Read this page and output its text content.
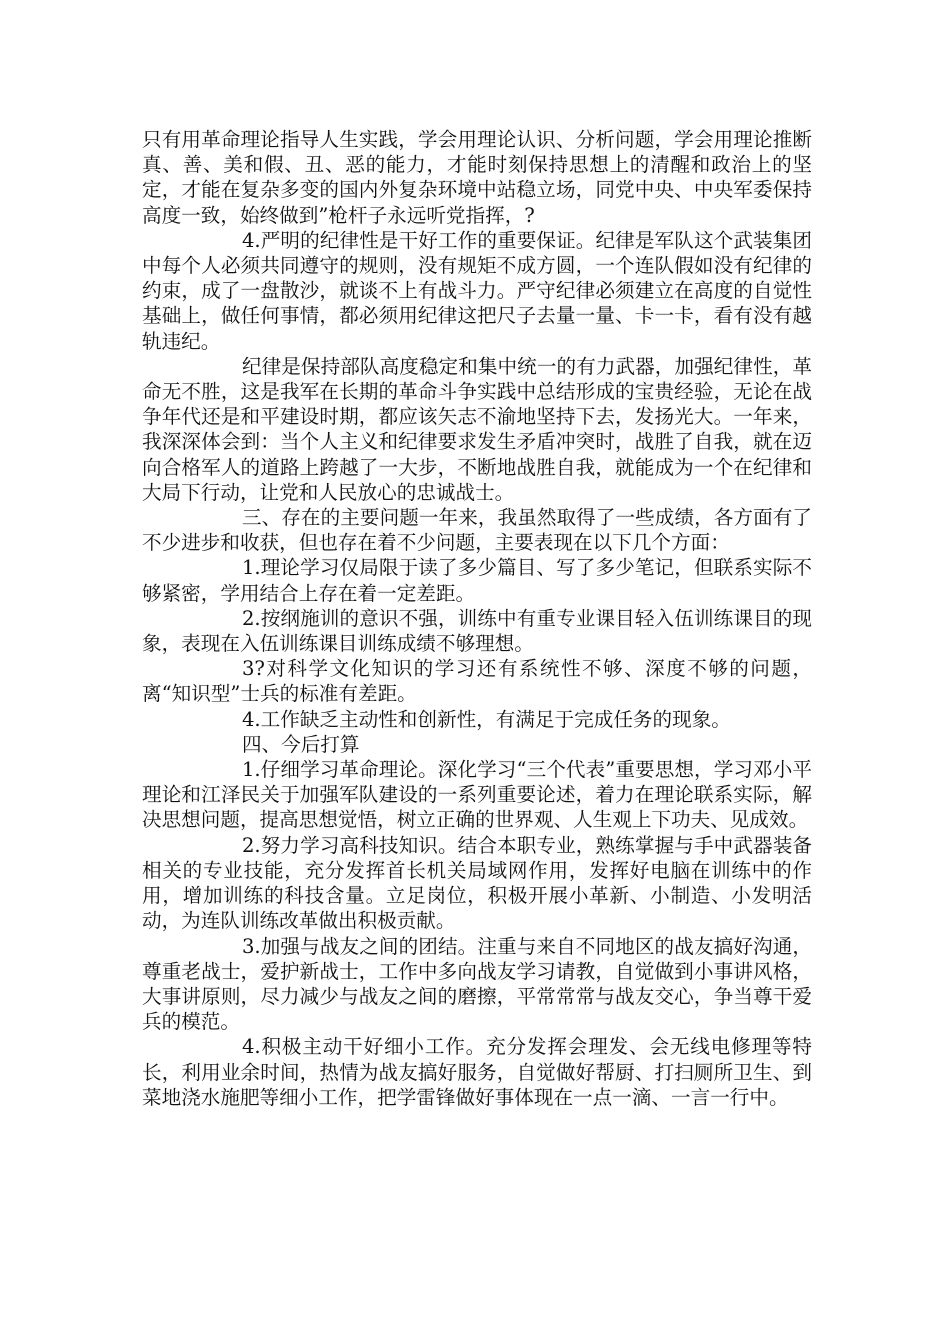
只有用革命理论指导人生实践，学会用理论认识、分析问题，学会用理论推断真、善、美和假、丑、恶的能力，才能时刻保持思想上的清醒和政治上的坚定，才能在复杂多变的国内外复杂环境中站稳立场，同党中央、中央军委保持高度一致，始终做到”枪杆子永远听党指挥，?

4.严明的纪律性是干好工作的重要保证。纪律是军队这个武装集团中每个人必须共同遵守的规则，没有规矩不成方圆，一个连队假如没有纪律的约束，成了一盘散沙，就谈不上有战斗力。严守纪律必须建立在高度的自觉性基础上，做任何事情，都必须用纪律这把尺子去量一量、卡一卡，看有没有越轨违纪。

纪律是保持部队高度稳定和集中统一的有力武器，加强纪律性，革命无不胜，这是我军在长期的革命斗争实践中总结形成的宝贵经验，无论在战争年代还是和平建设时期，都应该矢志不渝地坚持下去，发扬光大。一年来，我深深体会到：当个人主义和纪律要求发生矛盾冲突时，战胜了自我，就在迈向合格军人的道路上跨越了一大步，不断地战胜自我，就能成为一个在纪律和大局下行动，让党和人民放心的忠诚战士。

三、存在的主要问题一年来，我虽然取得了一些成绩，各方面有了不少进步和收获，但也存在着不少问题，主要表现在以下几个方面：

1.理论学习仅局限于读了多少篇目、写了多少笔记，但联系实际不够紧密，学用结合上存在着一定差距。

2.按纲施训的意识不强，训练中有重专业课目轻入伍训练课目的现象，表现在入伍训练课目训练成绩不够理想。

3?对科学文化知识的学习还有系统性不够、深度不够的问题，离“知识型”士兵的标准有差距。

4.工作缺乏主动性和创新性，有满足于完成任务的现象。

四、今后打算

1.仔细学习革命理论。深化学习“三个代表”重要思想，学习邓小平理论和江泽民关于加强军队建设的一系列重要论述，着力在理论联系实际，解决思想问题，提高思想觉悟，树立正确的世界观、人生观上下功夫、见成效。

2.努力学习高科技知识。结合本职专业，熟练掌握与手中武器装备相关的专业技能，充分发挥首长机关局域网作用，发挥好电脑在训练中的作用，增加训练的科技含量。立足岗位，积极开展小革新、小制造、小发明活动，为连队训练改革做出积极贡献。

3.加强与战友之间的团结。注重与来自不同地区的战友搞好沟通，尊重老战士，爱护新战士，工作中多向战友学习请教，自觉做到小事讲风格，大事讲原则，尽力减少与战友之间的磨擦，平常常常与战友交心，争当尊干爱兵的模范。

4.积极主动干好细小工作。充分发挥会理发、会无线电修理等特长，利用业余时间，热情为战友搞好服务，自觉做好帮厨、打扫厕所卫生、到菜地浇水施肥等细小工作，把学雷锋做好事体现在一点一滴、一言一行中。
